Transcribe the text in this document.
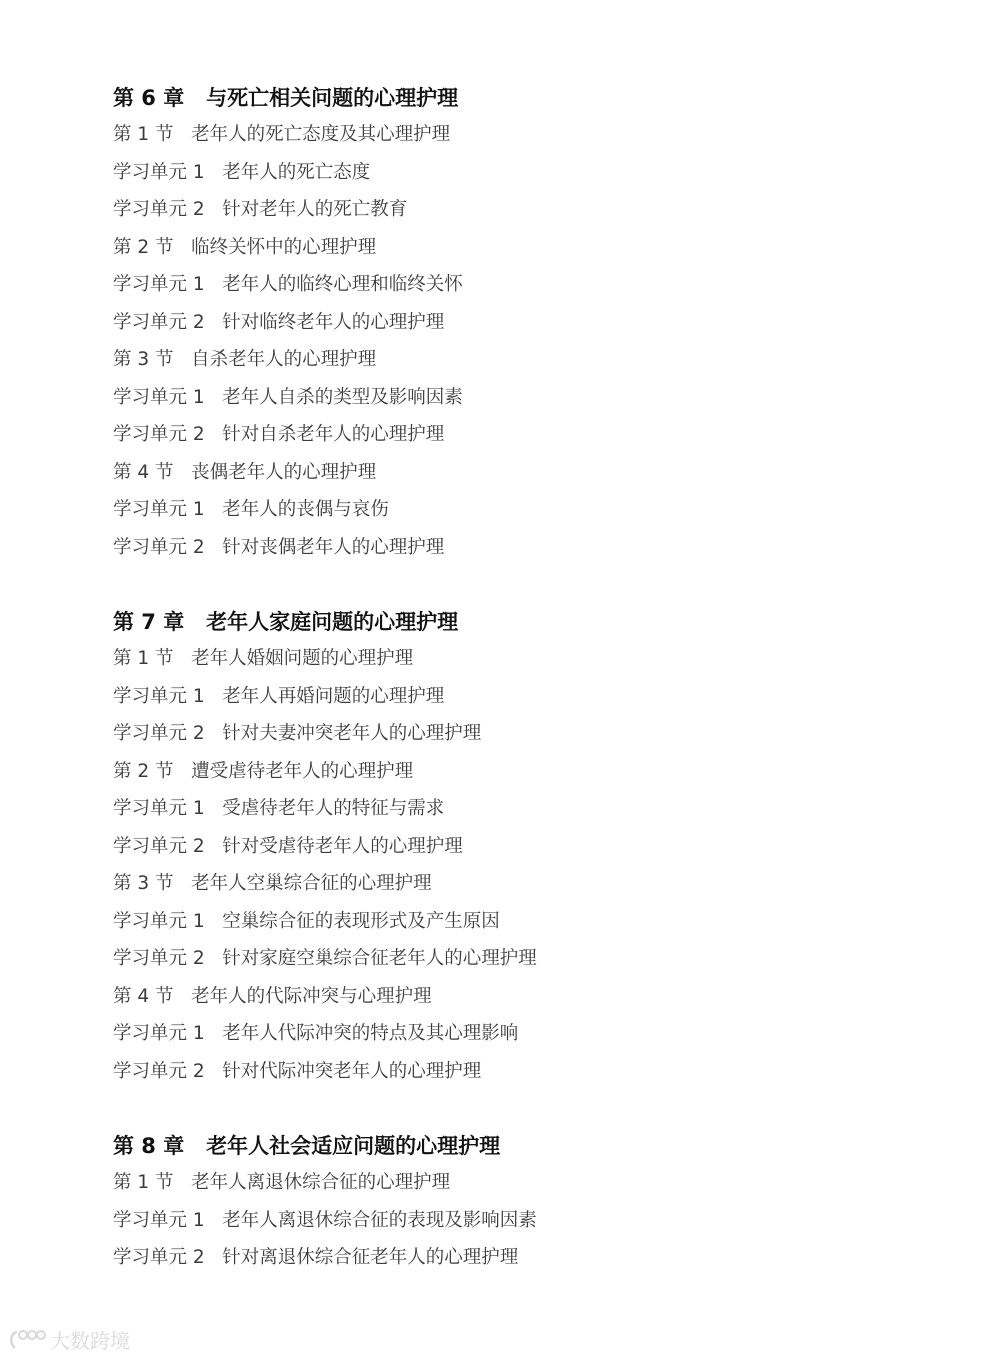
第 6 章   与死亡相关问题的心理护理
第 1 节   老年人的死亡态度及其心理护理
学习单元 1   老年人的死亡态度
学习单元 2   针对老年人的死亡教育
第 2 节   临终关怀中的心理护理
学习单元 1   老年人的临终心理和临终关怀
学习单元 2   针对临终老年人的心理护理
第 3 节   自杀老年人的心理护理
学习单元 1   老年人自杀的类型及影响因素
学习单元 2   针对自杀老年人的心理护理
第 4 节   丧偶老年人的心理护理
学习单元 1   老年人的丧偶与哀伤
学习单元 2   针对丧偶老年人的心理护理
第 7 章   老年人家庭问题的心理护理
第 1 节   老年人婚姻问题的心理护理
学习单元 1   老年人再婚问题的心理护理
学习单元 2   针对夫妻冲突老年人的心理护理
第 2 节   遭受虐待老年人的心理护理
学习单元 1   受虐待老年人的特征与需求
学习单元 2   针对受虐待老年人的心理护理
第 3 节   老年人空巢综合征的心理护理
学习单元 1   空巢综合征的表现形式及产生原因
学习单元 2   针对家庭空巢综合征老年人的心理护理
第 4 节   老年人的代际冲突与心理护理
学习单元 1   老年人代际冲突的特点及其心理影响
学习单元 2   针对代际冲突老年人的心理护理
第 8 章   老年人社会适应问题的心理护理
第 1 节   老年人离退休综合征的心理护理
学习单元 1   老年人离退休综合征的表现及影响因素
学习单元 2   针对离退休综合征老年人的心理护理
大数跨境
